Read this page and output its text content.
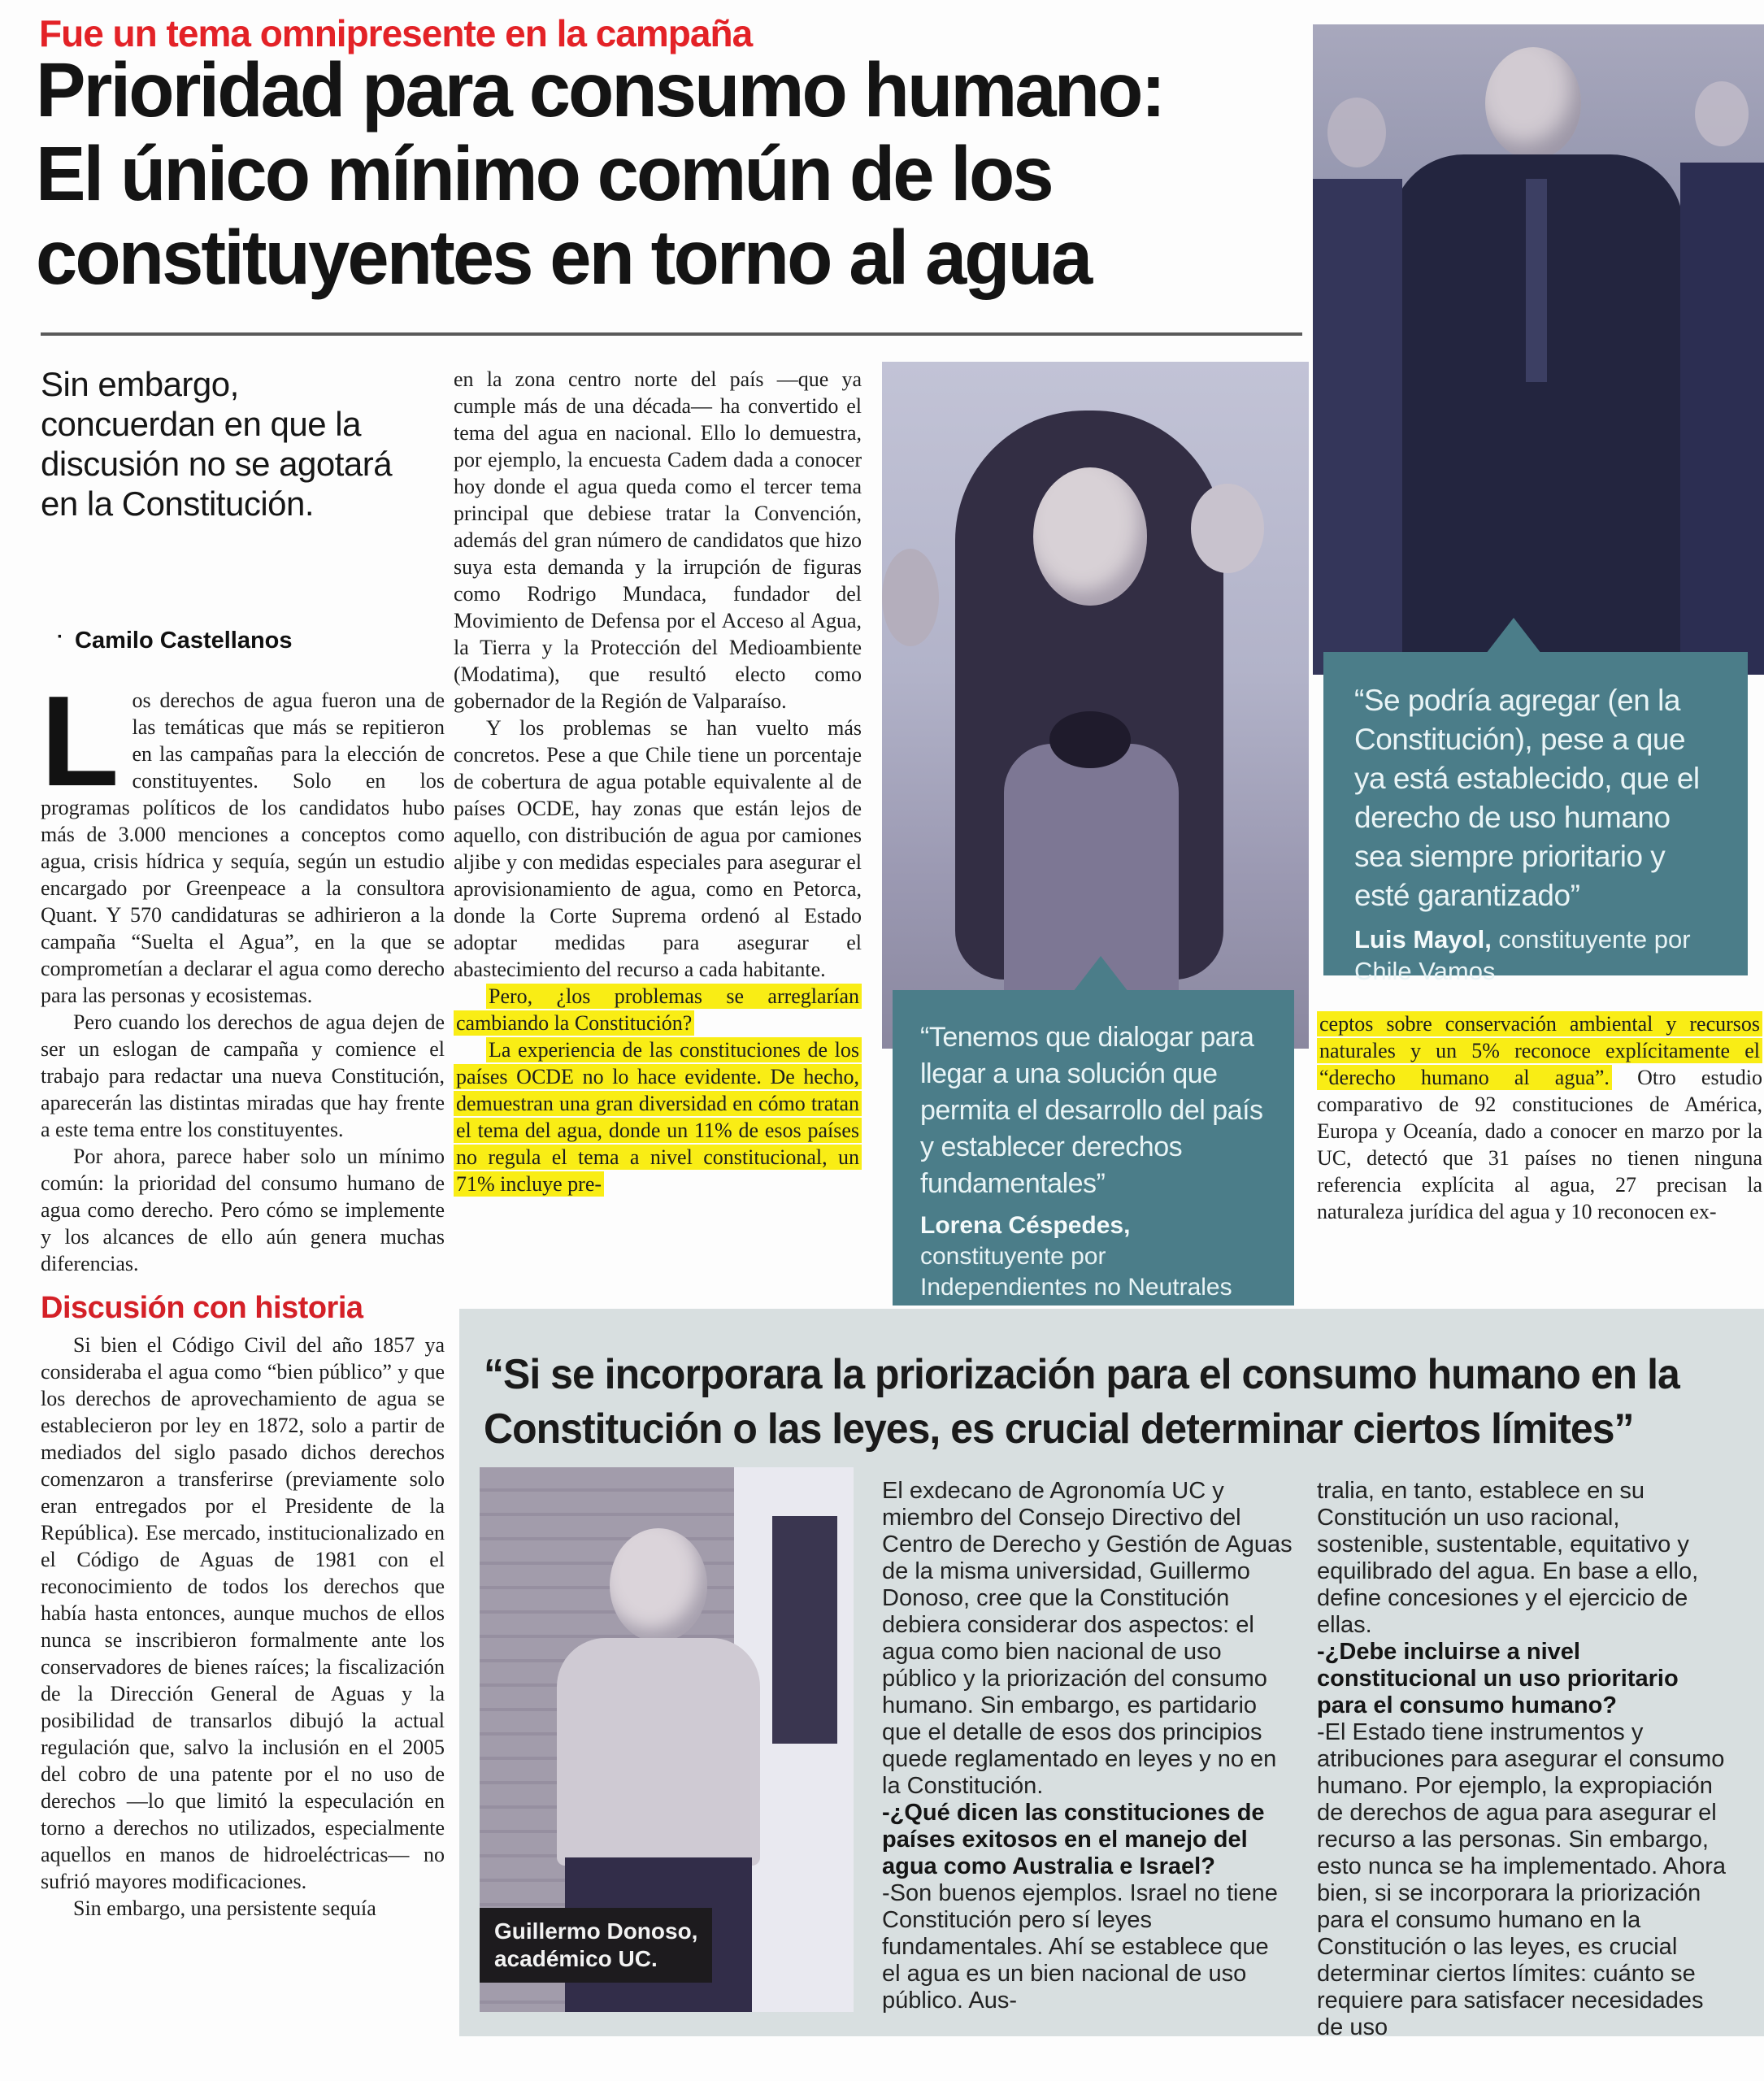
Fue un tema omnipresente en la campaña
Prioridad para consumo humano:
El único mínimo común de los
constituyentes en torno al agua
Sin embargo, concuerdan en que la discusión no se agotará en la Constitución.
· Camilo Castellanos

Los derechos de agua fueron una de las temáticas que más se repitieron en las campañas para la elección de constituyentes. Solo en los programas políticos de los candidatos hubo más de 3.000 menciones a conceptos como agua, crisis hídrica y sequía, según un estudio encargado por Greenpeace a la consultora Quant. Y 570 candidaturas se adhirieron a la campaña “Suelta el Agua”, en la que se comprometían a declarar el agua como derecho para las personas y ecosistemas.

Pero cuando los derechos de agua dejen de ser un eslogan de campaña y comience el trabajo para redactar una nueva Constitución, aparecerán las distintas miradas que hay frente a este tema entre los constituyentes.

Por ahora, parece haber solo un mínimo común: la prioridad del consumo humano de agua como derecho. Pero cómo se implemente y los alcances de ello aún genera muchas diferencias.

Discusión con historia

Si bien el Código Civil del año 1857 ya consideraba el agua como “bien público” y que los derechos de aprovechamiento de agua se establecieron por ley en 1872, solo a partir de mediados del siglo pasado dichos derechos comenzaron a transferirse (previamente solo eran entregados por el Presidente de la República). Ese mercado, institucionalizado en el Código de Aguas de 1981 con el reconocimiento de todos los derechos que había hasta entonces, aunque muchos de ellos nunca se inscribieron formalmente ante los conservadores de bienes raíces; la fiscalización de la Dirección General de Aguas y la posibilidad de transarlos dibujó la actual regulación que, salvo la inclusión en el 2005 del cobro de una patente por el no uso de derechos —lo que limitó la especulación en torno a derechos no utilizados, especialmente aquellos en manos de hidroeléctricas— no sufrió mayores modificaciones.

Sin embargo, una persistente sequía

en la zona centro norte del país —que ya cumple más de una década— ha convertido el tema del agua en nacional. Ello lo demuestra, por ejemplo, la encuesta Cadem dada a conocer hoy donde el agua queda como el tercer tema principal que debiese tratar la Convención, además del gran número de candidatos que hizo suya esta demanda y la irrupción de figuras como Rodrigo Mundaca, fundador del Movimiento de Defensa por el Acceso al Agua, la Tierra y la Protección del Medioambiente (Modatima), que resultó electo como gobernador de la Región de Valparaíso.

Y los problemas se han vuelto más concretos. Pese a que Chile tiene un porcentaje de cobertura de agua potable equivalente al de países OCDE, hay zonas que están lejos de aquello, con distribución de agua por camiones aljibe y con medidas especiales para asegurar el aprovisionamiento de agua, como en Petorca, donde la Corte Suprema ordenó al Estado adoptar medidas para asegurar el abastecimiento del recurso a cada habitante.

Pero, ¿los problemas se arreglarían cambiando la Constitución?

La experiencia de las constituciones de los países OCDE no lo hace evidente. De hecho, demuestran una gran diversidad en cómo tratan el tema del agua, donde un 11% de esos países no regula el tema a nivel constitucional, un 71% incluye pre-

ceptos sobre conservación ambiental y recursos naturales y un 5% reconoce explícitamente el “derecho humano al agua”. Otro estudio comparativo de 92 constituciones de América, Europa y Oceanía, dado a conocer en marzo por la UC, detectó que 31 países no tienen ninguna referencia explícita al agua, 27 precisan la naturaleza jurídica del agua y 10 reconocen ex-

“Se podría agregar (en la Constitución), pese a que ya está establecido, que el derecho de uso humano sea siempre prioritario y esté garantizado”
Luis Mayol, constituyente por Chile Vamos
“Tenemos que dialogar para llegar a una solución que permita el desarrollo del país y establecer derechos fundamentales”
Lorena Céspedes,
constituyente por Independientes no Neutrales
Guillermo Donoso,
académico UC.
“Si se incorporara la priorización para el consumo humano en la
Constitución o las leyes, es crucial determinar ciertos límites”

El exdecano de Agronomía UC y miembro del Consejo Directivo del Centro de Derecho y Gestión de Aguas de la misma universidad, Guillermo Donoso, cree que la Constitución debiera considerar dos aspectos: el agua como bien nacional de uso público y la priorización del consumo humano. Sin embargo, es partidario que el detalle de esos dos principios quede reglamentado en leyes y no en la Constitución.

-¿Qué dicen las constituciones de países exitosos en el manejo del agua como Australia e Israel?

-Son buenos ejemplos. Israel no tiene Constitución pero sí leyes fundamentales. Ahí se establece que el agua es un bien nacional de uso público. Aus-

tralia, en tanto, establece en su Constitución un uso racional, sostenible, sustentable, equitativo y equilibrado del agua. En base a ello, define concesiones y el ejercicio de ellas.

-¿Debe incluirse a nivel constitucional un uso prioritario para el consumo humano?

-El Estado tiene instrumentos y atribuciones para asegurar el consumo humano. Por ejemplo, la expropiación de derechos de agua para asegurar el recurso a las personas. Sin embargo, esto nunca se ha implementado. Ahora bien, si se incorporara la priorización para el consumo humano en la Constitución o las leyes, es crucial determinar ciertos límites: cuánto se requiere para satisfacer necesidades de uso
